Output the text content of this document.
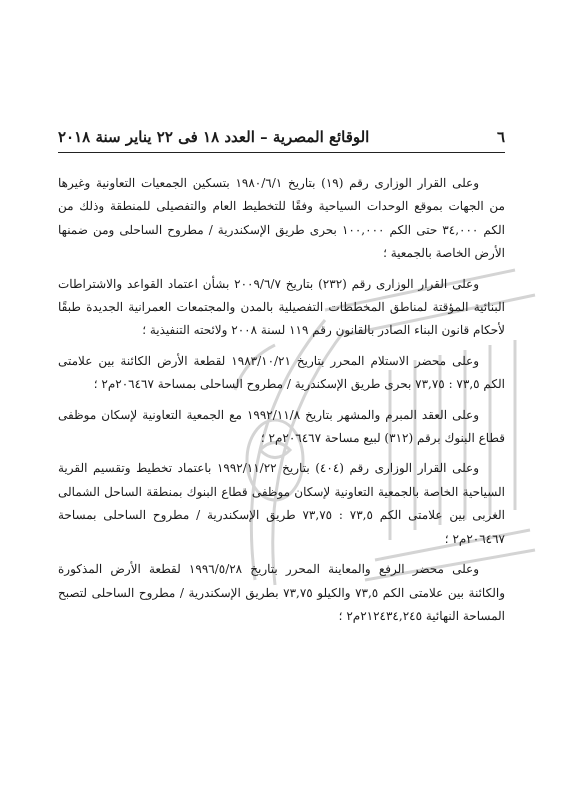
٦
الوقائع المصرية – العدد ١٨ فى ٢٢ يناير سنة ٢٠١٨

وعلى القرار الوزارى رقم (١٩) بتاريخ ١٩٨٠/٦/١ بتسكين الجمعيات التعاونية وغيرها من الجهات بموقع الوحدات السياحية وفقًا للتخطيط العام والتفصيلى للمنطقة وذلك من الكم ٣٤,٠٠٠ حتى الكم ١٠٠,٠٠٠ بحرى طريق الإسكندرية / مطروح الساحلى ومن ضمنها الأرض الخاصة بالجمعية ؛

وعلى القرار الوزارى رقم (٢٣٢) بتاريخ ٢٠٠٩/٦/٧ بشأن اعتماد القواعد والاشتراطات البنائية المؤقتة لمناطق المخططات التفصيلية بالمدن والمجتمعات العمرانية الجديدة طبقًا لأحكام قانون البناء الصادر بالقانون رقم ١١٩ لسنة ٢٠٠٨ ولائحته التنفيذية ؛

وعلى محضر الاستلام المحرر بتاريخ ١٩٨٣/١٠/٢١ لقطعة الأرض الكائنة بين علامتى الكم ٧٣,٥ : ٧٣,٧٥ بحرى طريق الإسكندرية / مطروح الساحلى بمساحة ٢٠٦٤٦٧م٢ ؛

وعلى العقد المبرم والمشهر بتاريخ ١٩٩٢/١١/٨ مع الجمعية التعاونية لإسكان موظفى قطاع البنوك برقم (٣١٢) لبيع مساحة ٢٠٦٤٦٧م٢ ؛

وعلى القرار الوزارى رقم (٤٠٤) بتاريخ ١٩٩٢/١١/٢٢ باعتماد تخطيط وتقسيم القرية السياحية الخاصة بالجمعية التعاونية لإسكان موظفى قطاع البنوك بمنطقة الساحل الشمالى الغربى بين علامتى الكم ٧٣,٥ : ٧٣,٧٥ طريق الإسكندرية / مطروح الساحلى بمساحة ٢٠٦٤٦٧م٢ ؛

وعلى محضر الرفع والمعاينة المحرر بتاريخ ١٩٩٦/٥/٢٨ لقطعة الأرض المذكورة والكائنة بين علامتى الكم ٧٣,٥ والكيلو ٧٣,٧٥ بطريق الإسكندرية / مطروح الساحلى لتصبح المساحة النهائية ٢١٢٤٣٤,٢٤٥م٢ ؛
